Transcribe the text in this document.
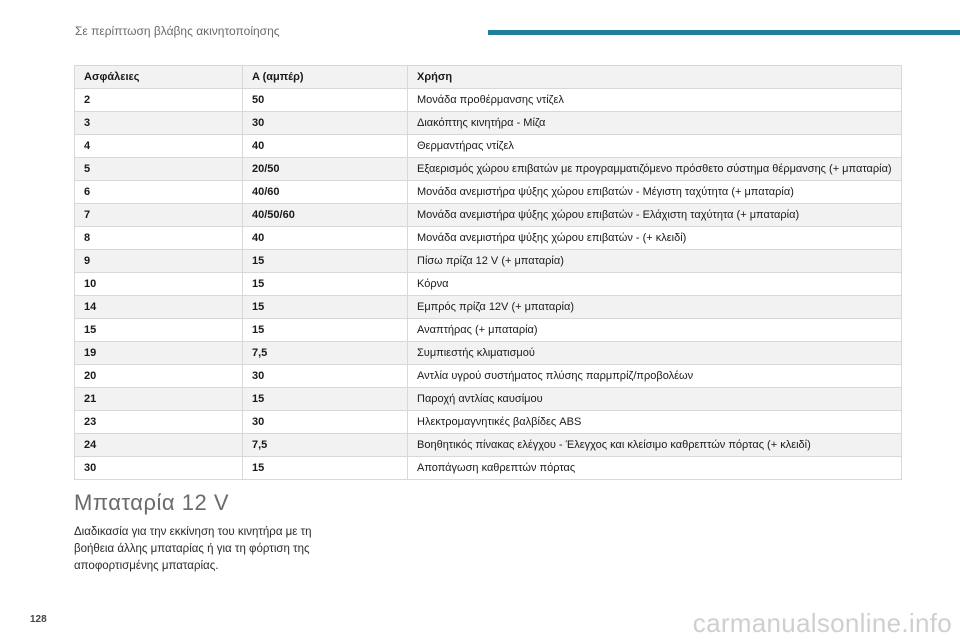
Σε περίπτωση βλάβης ακινητοποίησης
Ασφάλειες	A (αμπέρ)	Χρήση
2	50	Μονάδα προθέρμανσης ντίζελ
3	30	Διακόπτης κινητήρα - Μίζα
4	40	Θερμαντήρας ντίζελ
5	20/50	Εξαερισμός χώρου επιβατών με προγραμματιζόμενο πρόσθετο σύστημα θέρμανσης (+ μπαταρία)
6	40/60	Μονάδα ανεμιστήρα ψύξης χώρου επιβατών - Μέγιστη ταχύτητα (+ μπαταρία)
7	40/50/60	Μονάδα ανεμιστήρα ψύξης χώρου επιβατών - Ελάχιστη ταχύτητα (+ μπαταρία)
8	40	Μονάδα ανεμιστήρα ψύξης χώρου επιβατών - (+ κλειδί)
9	15	Πίσω πρίζα 12 V (+ μπαταρία)
10	15	Κόρνα
14	15	Εμπρός πρίζα 12V (+ μπαταρία)
15	15	Αναπτήρας (+ μπαταρία)
19	7,5	Συμπιεστής κλιματισμού
20	30	Αντλία υγρού συστήματος πλύσης παρμπρίζ/προβολέων
21	15	Παροχή αντλίας καυσίμου
23	30	Ηλεκτρομαγνητικές βαλβίδες ABS
24	7,5	Βοηθητικός πίνακας ελέγχου - Έλεγχος και κλείσιμο καθρεπτών πόρτας (+ κλειδί)
30	15	Αποπάγωση καθρεπτών πόρτας
Μπαταρία 12 V

Διαδικασία για την εκκίνηση του κινητήρα με τη βοήθεια άλλης μπαταρίας ή για τη φόρτιση της αποφορτισμένης μπαταρίας.

128	carmanualsonline.info
